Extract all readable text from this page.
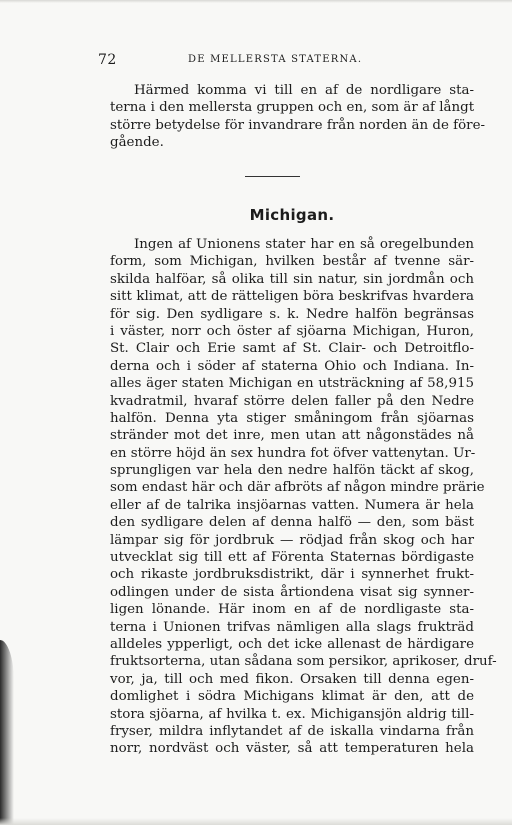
72	DE MELLERSTA STATERNA.
Härmed komma vi till en af de nordligare sta-
terna i den mellersta gruppen och en, som är af långt
större betydelse för invandrare från norden än de före-
gående.
Michigan.
Ingen af Unionens stater har en så oregelbunden
form, som Michigan, hvilken består af tvenne sär-
skilda halföar, så olika till sin natur, sin jordmån och
sitt klimat, att de rätteligen böra beskrifvas hvardera
för sig. Den sydligare s. k. Nedre halfön begränsas
i väster, norr och öster af sjöarna Michigan, Huron,
St. Clair och Erie samt af St. Clair- och Detroitflo-
derna och i söder af staterna Ohio och Indiana. In-
alles äger staten Michigan en utsträckning af 58,915
kvadratmil, hvaraf större delen faller på den Nedre
halfön. Denna yta stiger småningom från sjöarnas
stränder mot det inre, men utan att någonstädes nå
en större höjd än sex hundra fot öfver vattenytan. Ur-
sprungligen var hela den nedre halfön täckt af skog,
som endast här och där afbröts af någon mindre prärie
eller af de talrika insjöarnas vatten. Numera är hela
den sydligare delen af denna halfö — den, som bäst
lämpar sig för jordbruk — rödjad från skog och har
utvecklat sig till ett af Förenta Staternas bördigaste
och rikaste jordbruksdistrikt, där i synnerhet frukt-
odlingen under de sista årtiondena visat sig synner-
ligen lönande. Här inom en af de nordligaste sta-
terna i Unionen trifvas nämligen alla slags frukträd
alldeles ypperligt, och det icke allenast de härdigare
fruktsorterna, utan sådana som persikor, aprikoser, druf-
vor, ja, till och med fikon. Orsaken till denna egen-
domlighet i södra Michigans klimat är den, att de
stora sjöarna, af hvilka t. ex. Michigansjön aldrig till-
fryser, mildra inflytandet af de iskalla vindarna från
norr, nordväst och väster, så att temperaturen hela
